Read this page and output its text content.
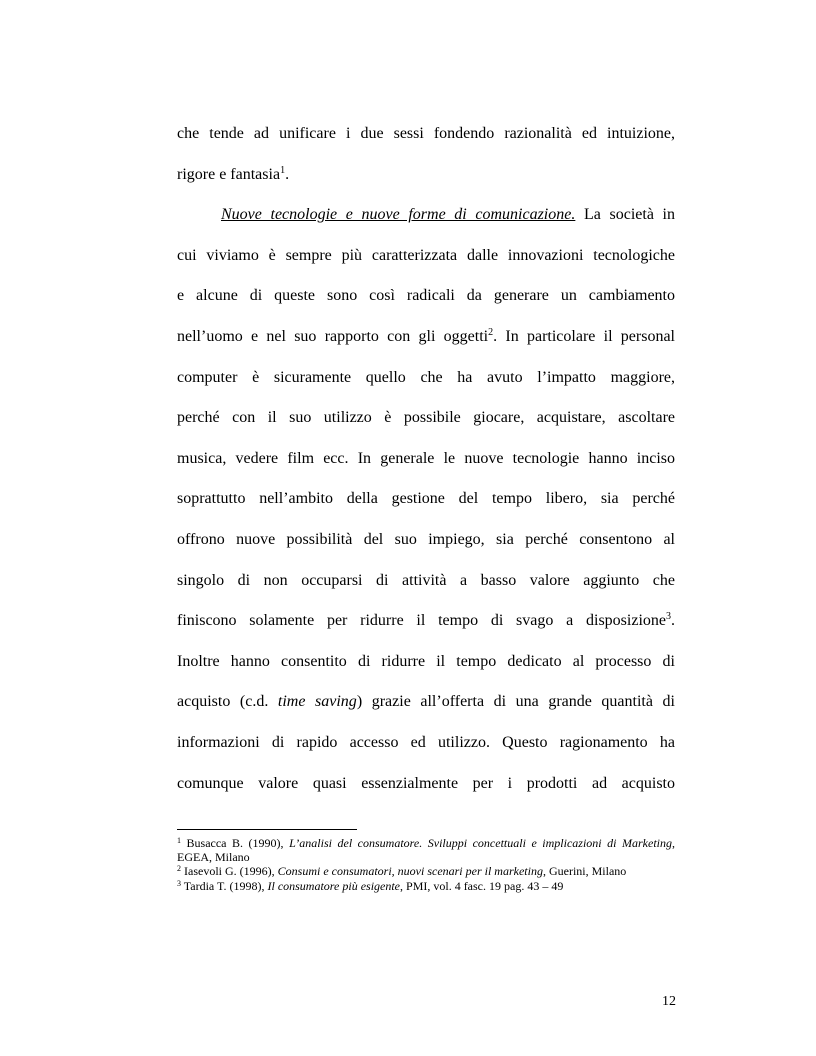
che tende ad unificare i due sessi fondendo razionalità ed intuizione,
rigore e fantasia$^1$.
Nuove tecnologie e nuove forme di comunicazione. La società in
cui viviamo è sempre più caratterizzata dalle innovazioni tecnologiche
e alcune di queste sono così radicali da generare un cambiamento
nell’uomo e nel suo rapporto con gli oggetti$^2$. In particolare il personal
computer è sicuramente quello che ha avuto l’impatto maggiore,
perché con il suo utilizzo è possibile giocare, acquistare, ascoltare
musica, vedere film ecc. In generale le nuove tecnologie hanno inciso
soprattutto nell’ambito della gestione del tempo libero, sia perché
offrono nuove possibilità del suo impiego, sia perché consentono al
singolo di non occuparsi di attività a basso valore aggiunto che
finiscono solamente per ridurre il tempo di svago a disposizione$^3$.
Inoltre hanno consentito di ridurre il tempo dedicato al processo di
acquisto (c.d. time saving) grazie all’offerta di una grande quantità di
informazioni di rapido accesso ed utilizzo. Questo ragionamento ha
comunque valore quasi essenzialmente per i prodotti ad acquisto
$^1$ Busacca B. (1990), L’analisi del consumatore. Sviluppi concettuali e implicazioni di Marketing, EGEA, Milano
$^2$ Iasevoli G. (1996), Consumi e consumatori, nuovi scenari per il marketing, Guerini, Milano
$^3$ Tardia T. (1998), Il consumatore più esigente, PMI, vol. 4 fasc. 19 pag. 43 – 49
12
